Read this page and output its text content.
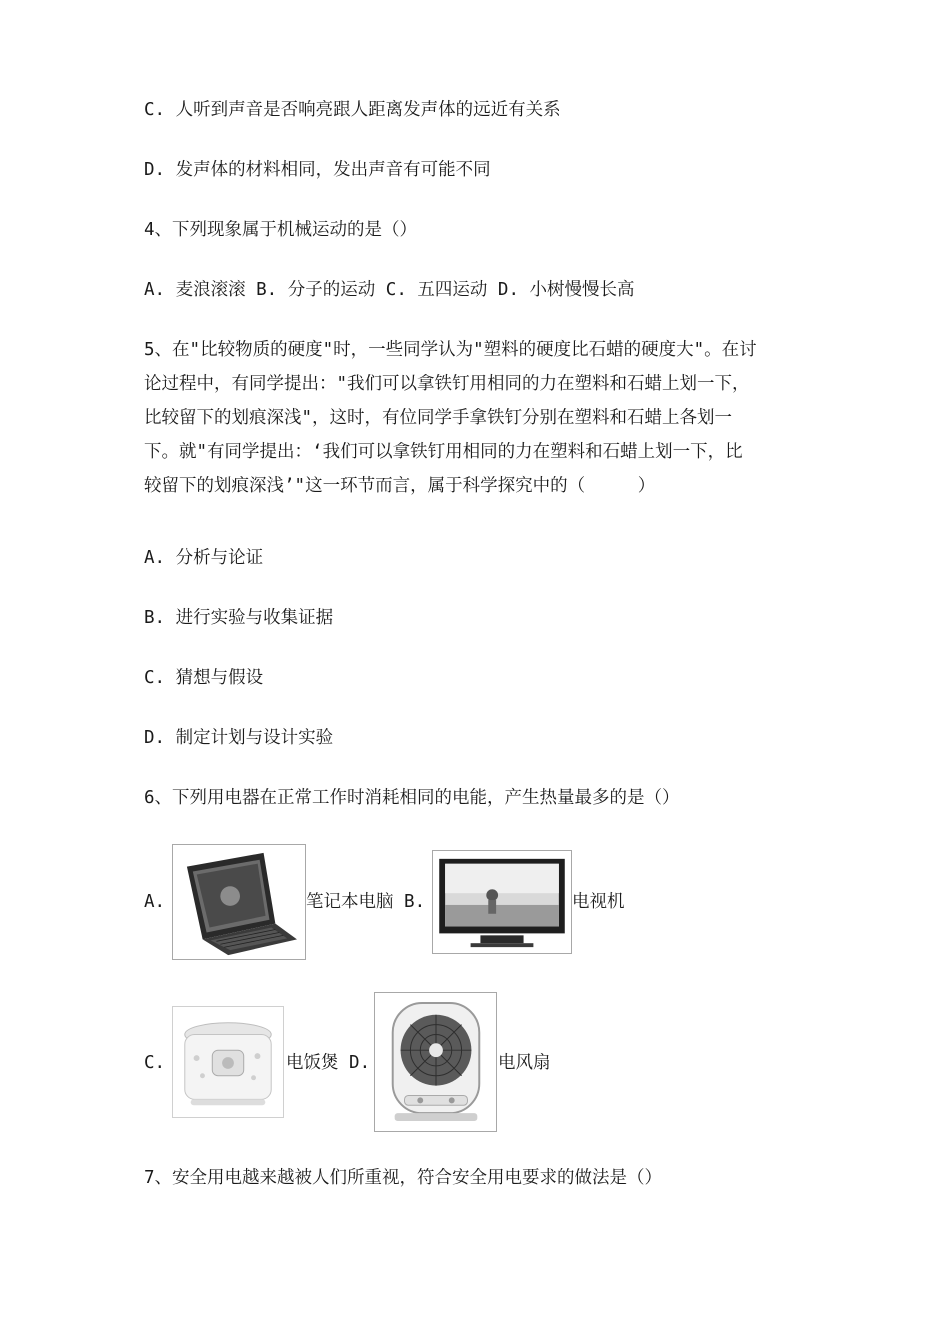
C. 人听到声音是否响亮跟人距离发声体的远近有关系
D. 发声体的材料相同，发出声音有可能不同
4、下列现象属于机械运动的是（）
A. 麦浪滚滚 B. 分子的运动 C. 五四运动 D. 小树慢慢长高
5、在"比较物质的硬度"时，一些同学认为"塑料的硬度比石蜡的硬度大"。在讨
论过程中，有同学提出："我们可以拿铁钉用相同的力在塑料和石蜡上划一下，
比较留下的划痕深浅"，这时，有位同学手拿铁钉分别在塑料和石蜡上各划一
下。就"有同学提出：‘我们可以拿铁钉用相同的力在塑料和石蜡上划一下，比
较留下的划痕深浅’"这一环节而言，属于科学探究中的（     ）
A. 分析与论证
B. 进行实验与收集证据
C. 猜想与假设
D. 制定计划与设计实验
6、下列用电器在正常工作时消耗相同的电能，产生热量最多的是（）
A.	笔记本电脑 B.	电视机
C.	电饭煲 D.	电风扇
7、安全用电越来越被人们所重视，符合安全用电要求的做法是（）
